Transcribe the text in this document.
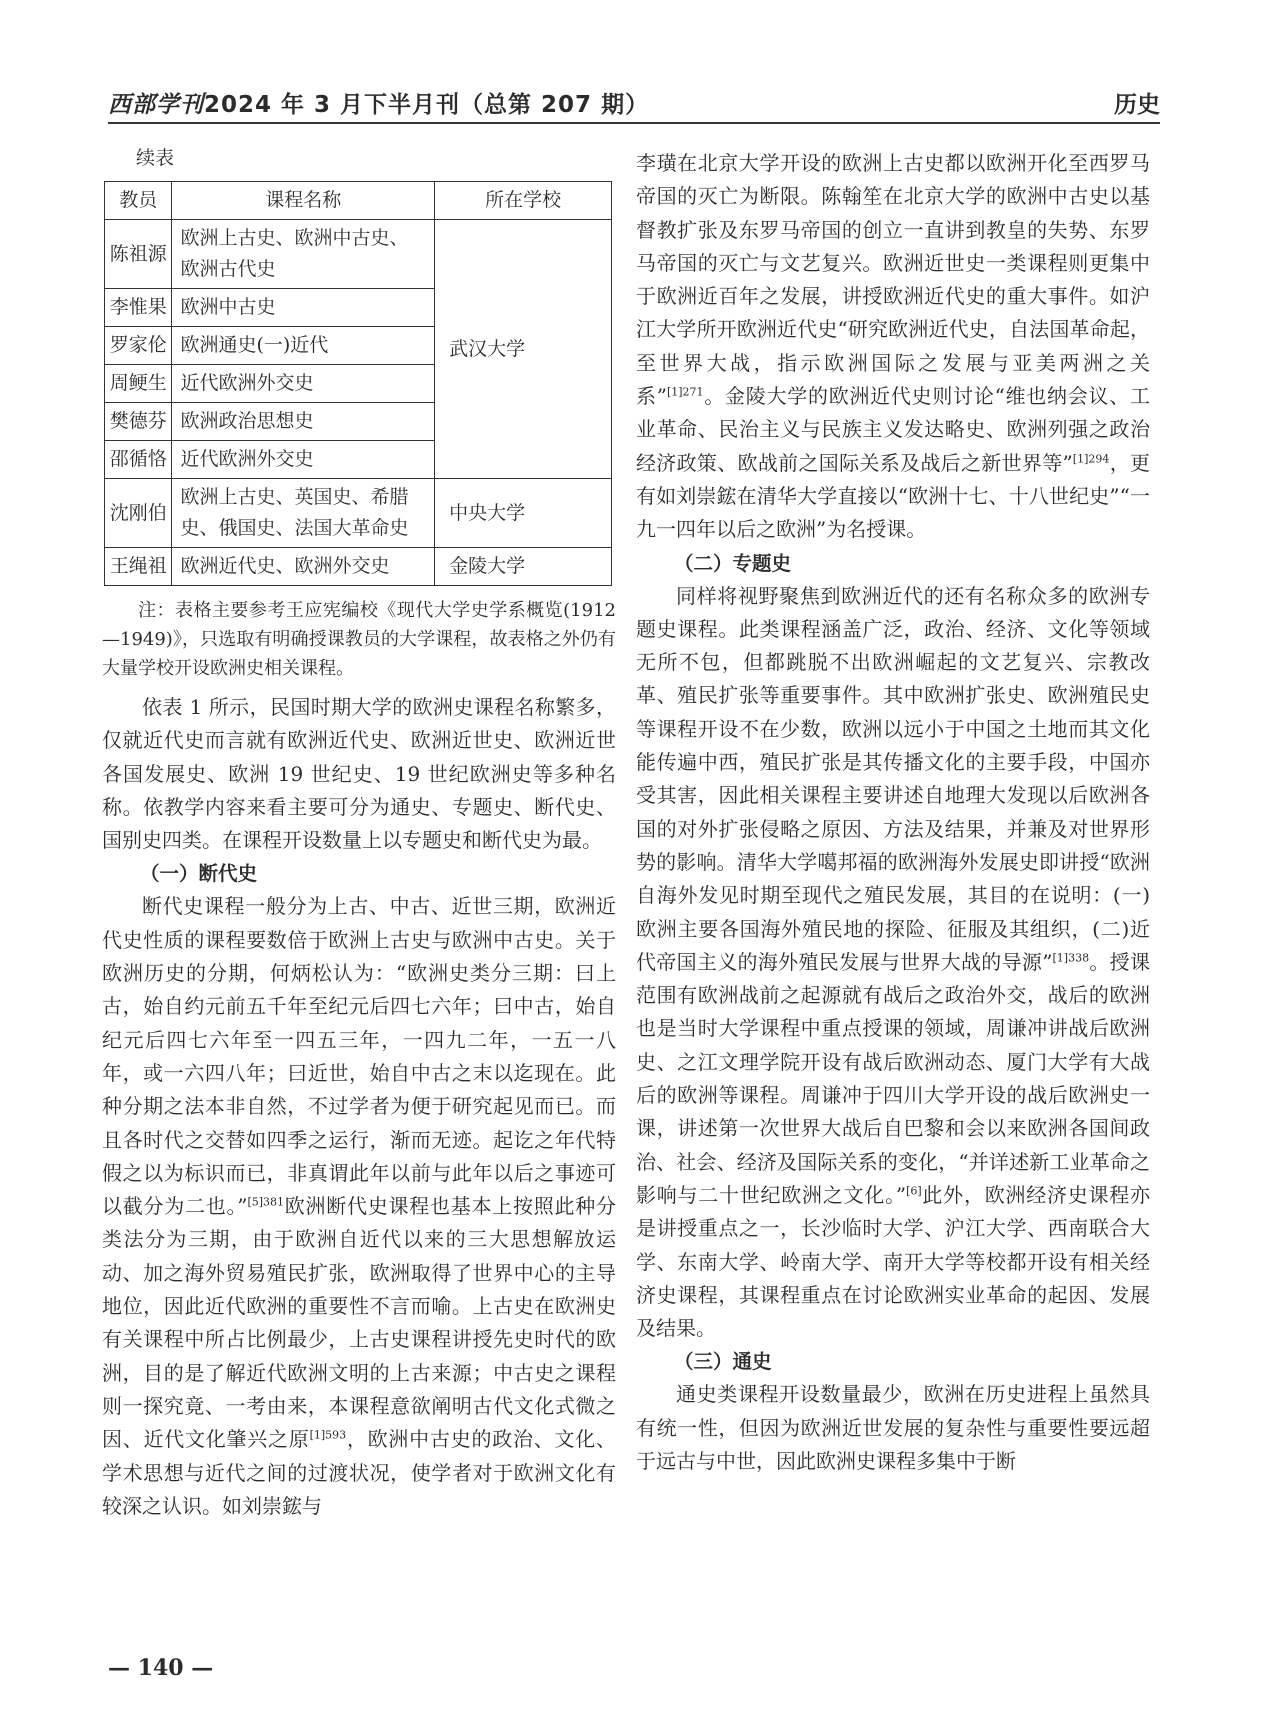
西部学刊2024 年 3 月下半月刊（总第 207 期）	历史

续表

教员	课程名称	所在学校
陈祖源	欧洲上古史、欧洲中古史、欧洲古代史	武汉大学
李惟果	欧洲中古史	
罗家伦	欧洲通史(一)近代	
周鲠生	近代欧洲外交史	
樊德芬	欧洲政治思想史	
邵循恪	近代欧洲外交史	
沈刚伯	欧洲上古史、英国史、希腊史、俄国史、法国大革命史	中央大学
王绳祖	欧洲近代史、欧洲外交史	金陵大学

注：表格主要参考王应宪编校《现代大学史学系概览(1912—1949)》，只选取有明确授课教员的大学课程，故表格之外仍有大量学校开设欧洲史相关课程。

依表 1 所示，民国时期大学的欧洲史课程名称繁多，仅就近代史而言就有欧洲近代史、欧洲近世史、欧洲近世各国发展史、欧洲 19 世纪史、19 世纪欧洲史等多种名称。依教学内容来看主要可分为通史、专题史、断代史、国别史四类。在课程开设数量上以专题史和断代史为最。

（一）断代史

断代史课程一般分为上古、中古、近世三期，欧洲近代史性质的课程要数倍于欧洲上古史与欧洲中古史。关于欧洲历史的分期，何炳松认为：“欧洲史类分三期：曰上古，始自约元前五千年至纪元后四七六年；曰中古，始自纪元后四七六年至一四五三年，一四九二年，一五一八年，或一六四八年；曰近世，始自中古之末以迄现在。此种分期之法本非自然，不过学者为便于研究起见而已。而且各时代之交替如四季之运行，渐而无迹。起讫之年代特假之以为标识而已，非真谓此年以前与此年以后之事迹可以截分为二也。”$^{[5]381}$欧洲断代史课程也基本上按照此种分类法分为三期，由于欧洲自近代以来的三大思想解放运动、加之海外贸易殖民扩张，欧洲取得了世界中心的主导地位，因此近代欧洲的重要性不言而喻。上古史在欧洲史有关课程中所占比例最少，上古史课程讲授先史时代的欧洲，目的是了解近代欧洲文明的上古来源；中古史之课程则一探究竟、一考由来，本课程意欲阐明古代文化式微之因、近代文化肇兴之原$^{[1]593}$，欧洲中古史的政治、文化、学术思想与近代之间的过渡状况，使学者对于欧洲文化有较深之认识。如刘崇鋐与

李璜在北京大学开设的欧洲上古史都以欧洲开化至西罗马帝国的灭亡为断限。陈翰笙在北京大学的欧洲中古史以基督教扩张及东罗马帝国的创立一直讲到教皇的失势、东罗马帝国的灭亡与文艺复兴。欧洲近世史一类课程则更集中于欧洲近百年之发展，讲授欧洲近代史的重大事件。如沪江大学所开欧洲近代史“研究欧洲近代史，自法国革命起，至世界大战，指示欧洲国际之发展与亚美两洲之关系”$^{[1]271}$。金陵大学的欧洲近代史则讨论“维也纳会议、工业革命、民治主义与民族主义发达略史、欧洲列强之政治经济政策、欧战前之国际关系及战后之新世界等”$^{[1]294}$，更有如刘崇鋐在清华大学直接以“欧洲十七、十八世纪史”“一九一四年以后之欧洲”为名授课。

（二）专题史

同样将视野聚焦到欧洲近代的还有名称众多的欧洲专题史课程。此类课程涵盖广泛，政治、经济、文化等领域无所不包，但都跳脱不出欧洲崛起的文艺复兴、宗教改革、殖民扩张等重要事件。其中欧洲扩张史、欧洲殖民史等课程开设不在少数，欧洲以远小于中国之土地而其文化能传遍中西，殖民扩张是其传播文化的主要手段，中国亦受其害，因此相关课程主要讲述自地理大发现以后欧洲各国的对外扩张侵略之原因、方法及结果，并兼及对世界形势的影响。清华大学噶邦福的欧洲海外发展史即讲授“欧洲自海外发见时期至现代之殖民发展，其目的在说明：(一)欧洲主要各国海外殖民地的探险、征服及其组织，(二)近代帝国主义的海外殖民发展与世界大战的导源”$^{[1]338}$。授课范围有欧洲战前之起源就有战后之政治外交，战后的欧洲也是当时大学课程中重点授课的领域，周谦冲讲战后欧洲史、之江文理学院开设有战后欧洲动态、厦门大学有大战后的欧洲等课程。周谦冲于四川大学开设的战后欧洲史一课，讲述第一次世界大战后自巴黎和会以来欧洲各国间政治、社会、经济及国际关系的变化，“并详述新工业革命之影响与二十世纪欧洲之文化。”[6]此外，欧洲经济史课程亦是讲授重点之一，长沙临时大学、沪江大学、西南联合大学、东南大学、岭南大学、南开大学等校都开设有相关经济史课程，其课程重点在讨论欧洲实业革命的起因、发展及结果。

（三）通史

通史类课程开设数量最少，欧洲在历史进程上虽然具有统一性，但因为欧洲近世发展的复杂性与重要性要远超于远古与中世，因此欧洲史课程多集中于断

— 140 —
